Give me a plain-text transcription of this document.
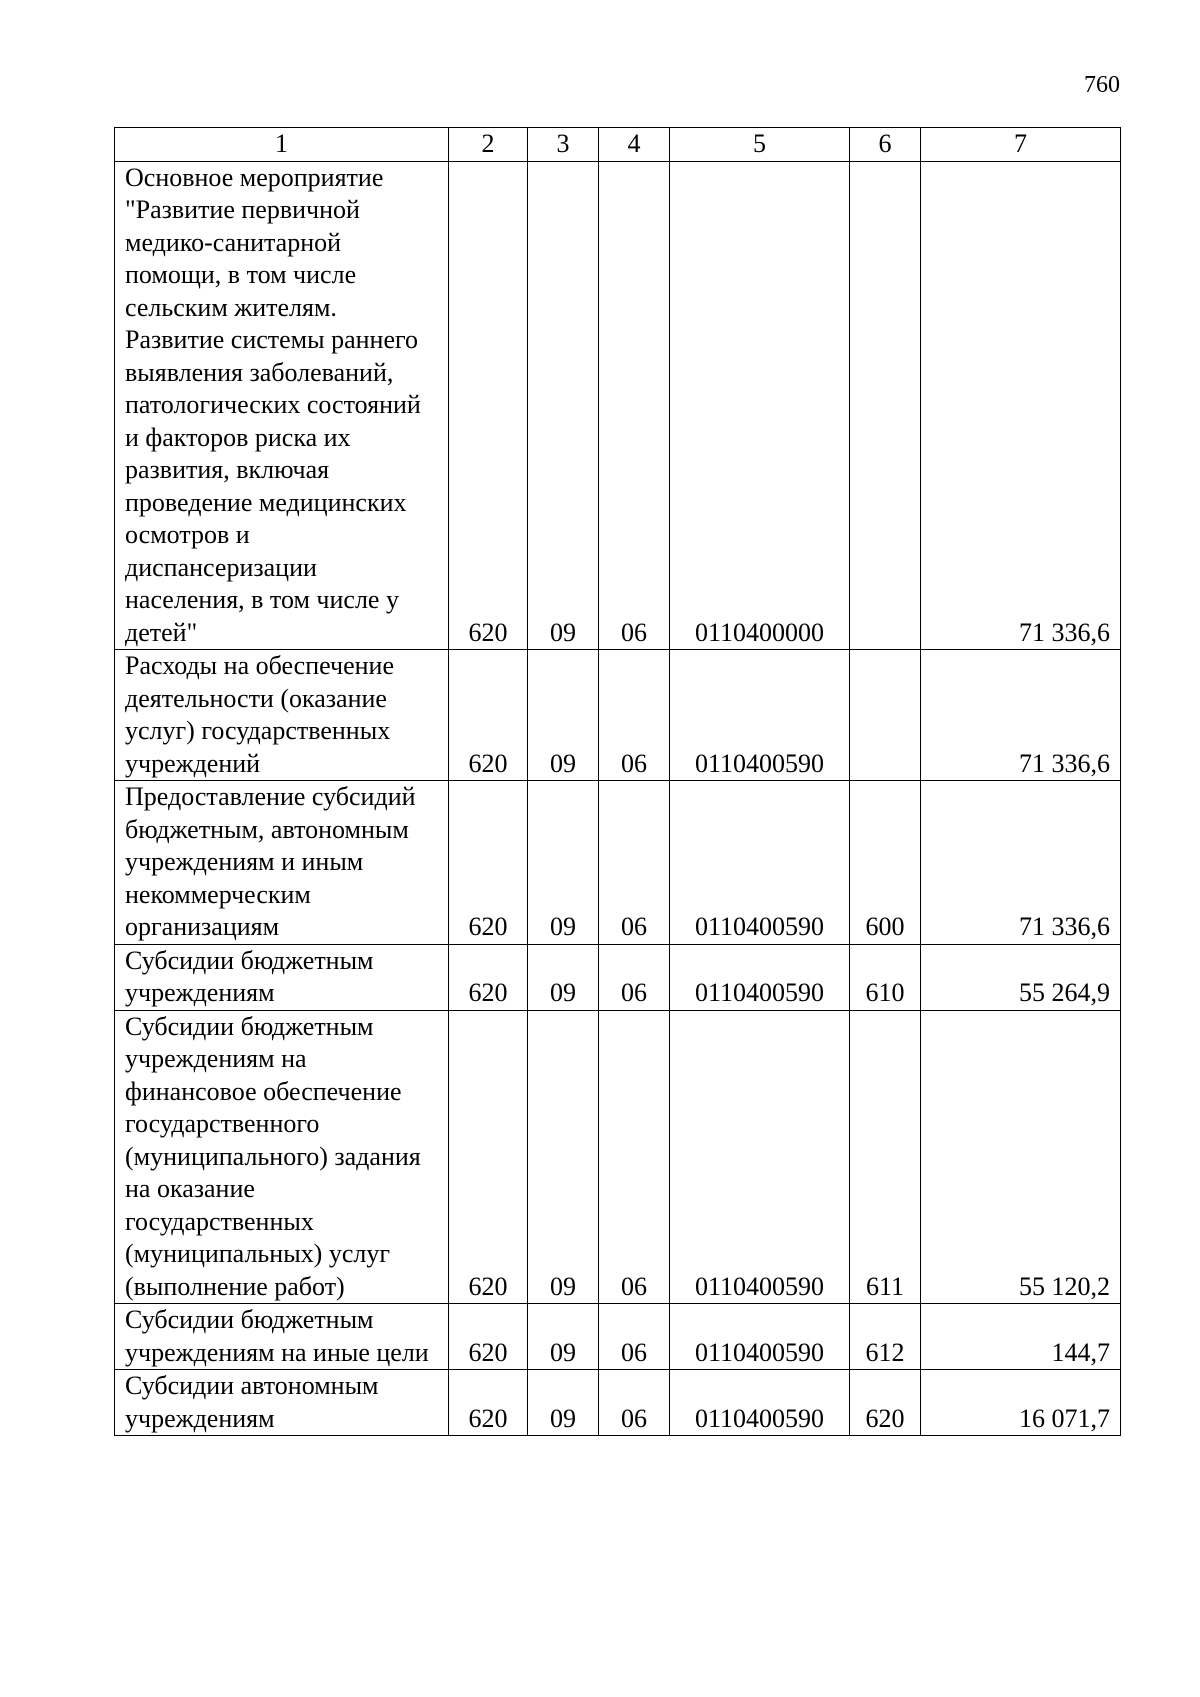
760
1	2	3	4	5	6	7
Основное мероприятие "Развитие первичной медико-санитарной помощи, в том числе сельским жителям. Развитие системы раннего выявления заболеваний, патологических состояний и факторов риска их развития, включая проведение медицинских осмотров и диспансеризации населения, в том числе у детей"	620	09	06	0110400000		71 336,6
Расходы на обеспечение деятельности (оказание услуг) государственных учреждений	620	09	06	0110400590		71 336,6
Предоставление субсидий бюджетным, автономным учреждениям и иным некоммерческим организациям	620	09	06	0110400590	600	71 336,6
Субсидии бюджетным учреждениям	620	09	06	0110400590	610	55 264,9
Субсидии бюджетным учреждениям на финансовое обеспечение государственного (муниципального) задания на оказание государственных (муниципальных) услуг (выполнение работ)	620	09	06	0110400590	611	55 120,2
Субсидии бюджетным учреждениям на иные цели	620	09	06	0110400590	612	144,7
Субсидии автономным учреждениям	620	09	06	0110400590	620	16 071,7
